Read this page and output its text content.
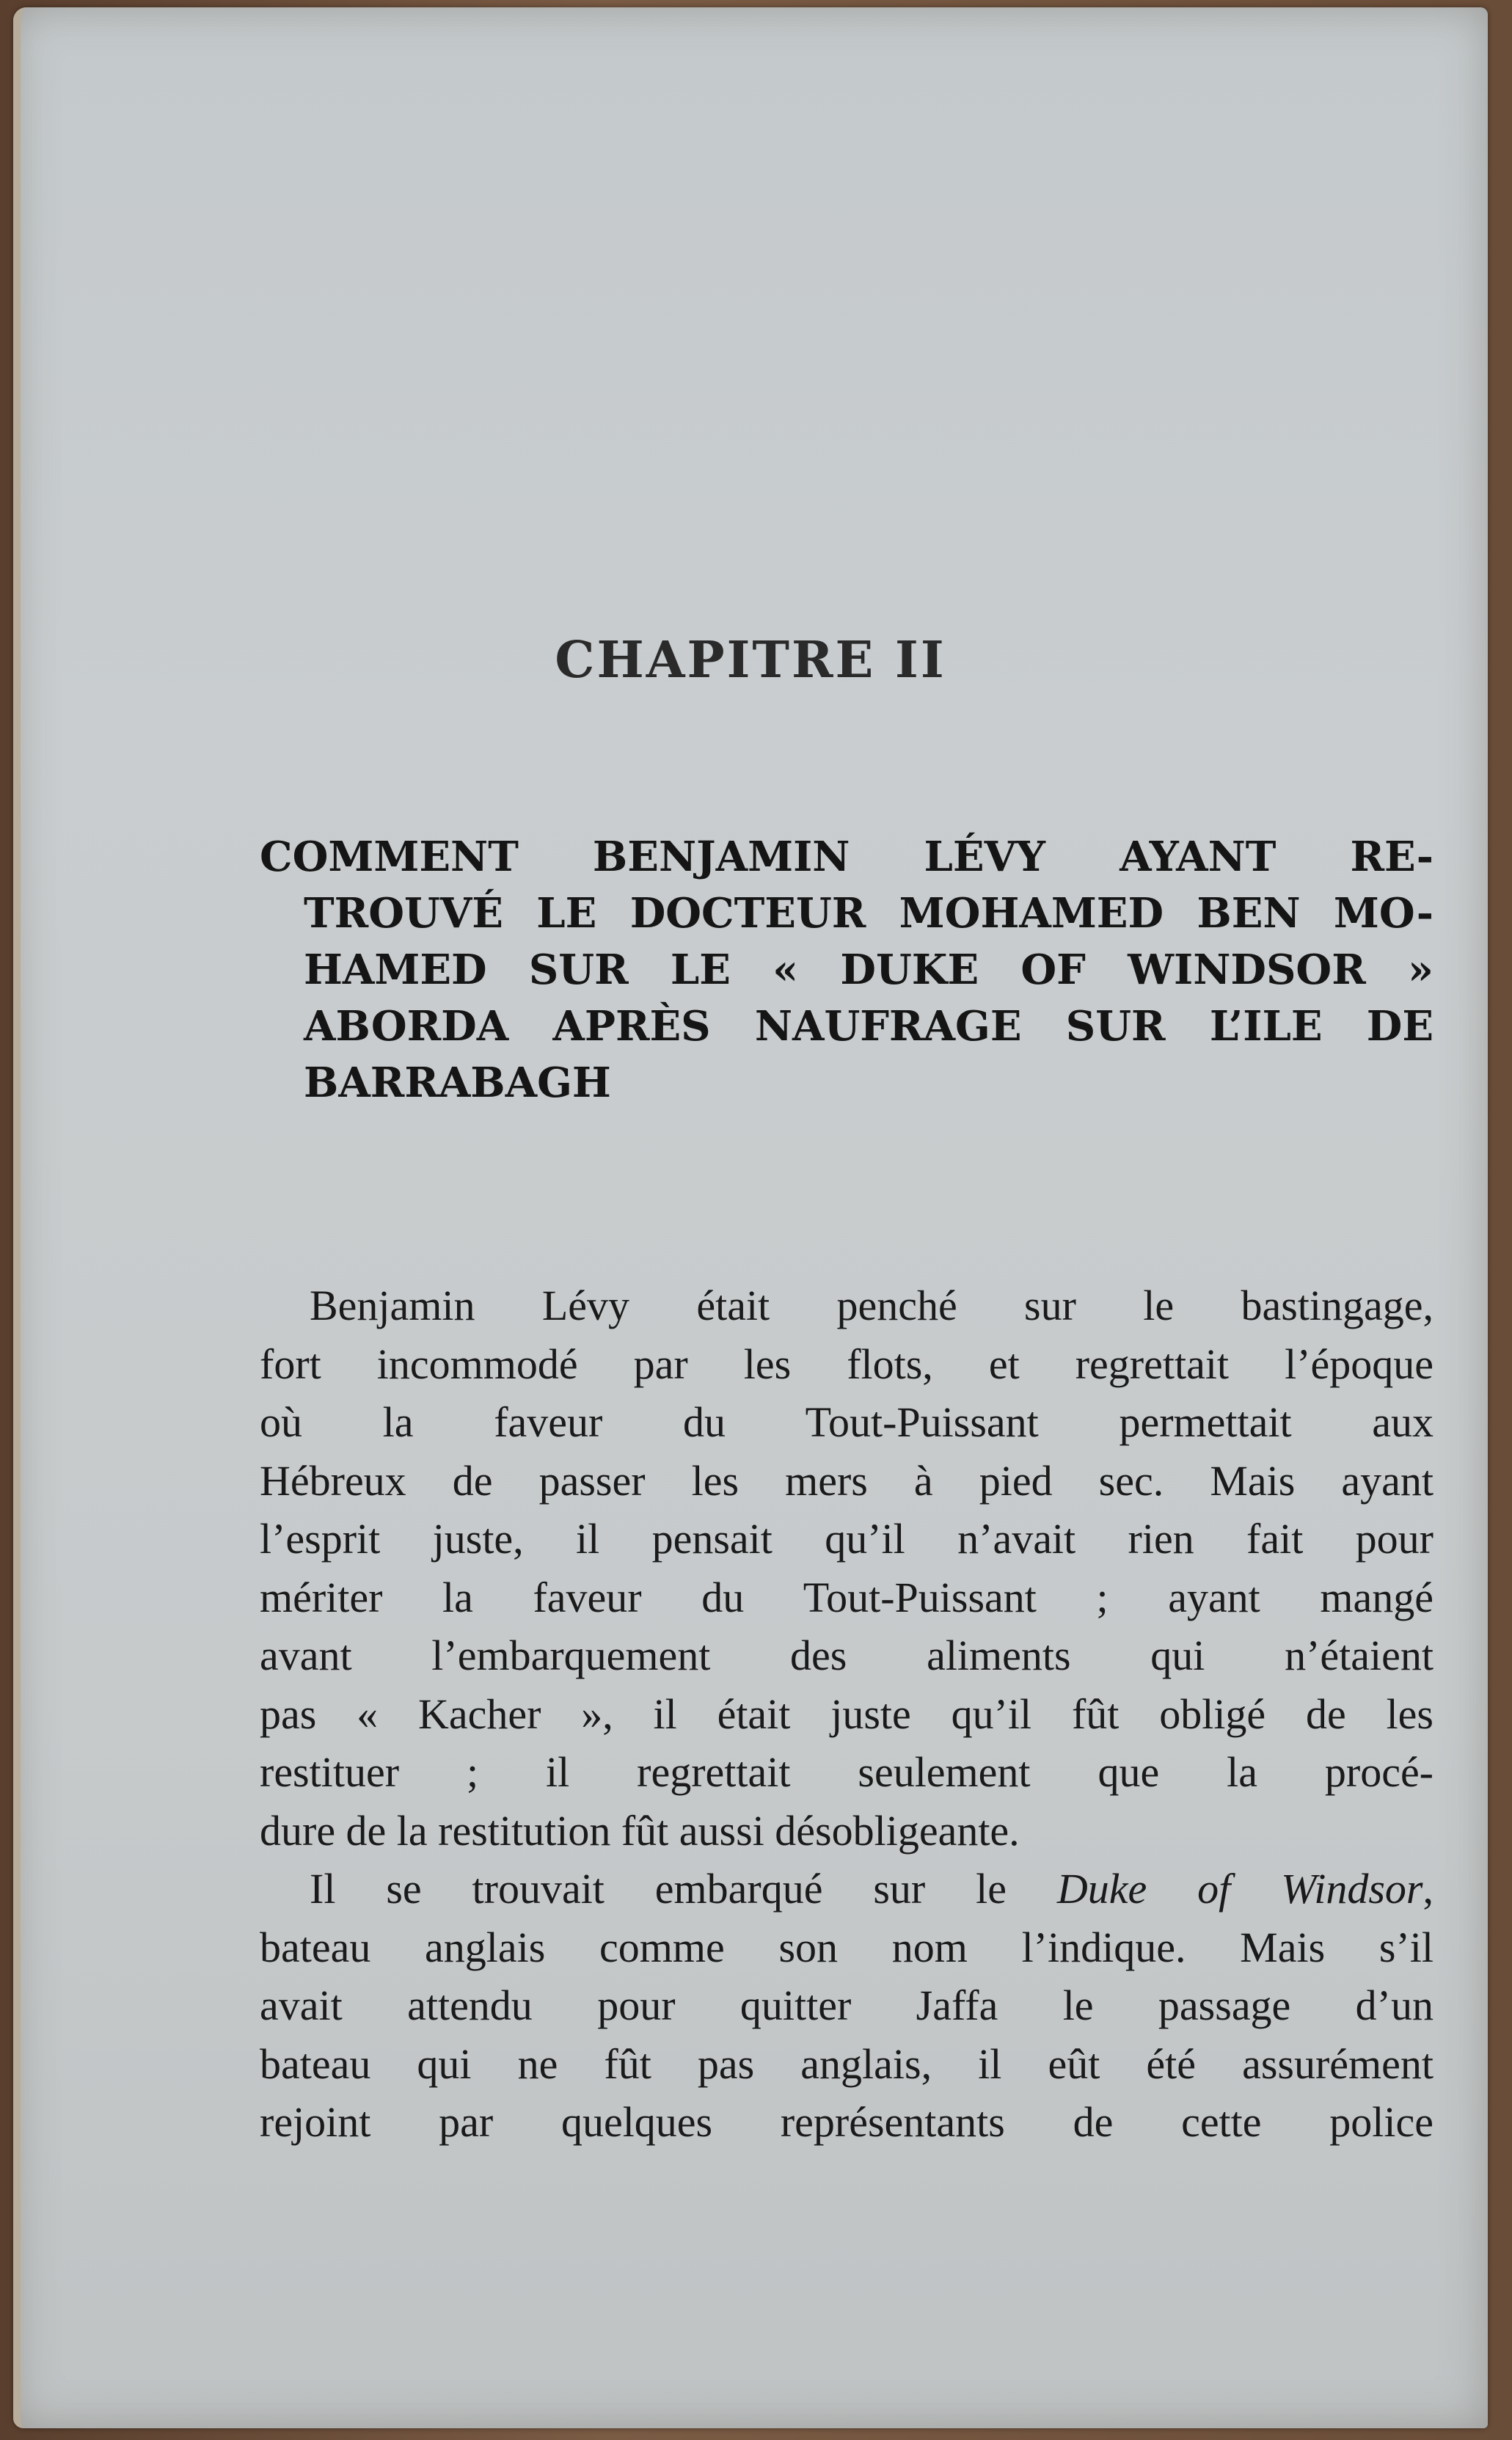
CHAPITRE II
COMMENT BENJAMIN LÉVY AYANT RE-
TROUVÉ LE DOCTEUR MOHAMED BEN MO-
HAMED SUR LE « DUKE OF WINDSOR »
ABORDA APRÈS NAUFRAGE SUR L’ILE DE
BARRABAGH
Benjamin Lévy était penché sur le bastingage,
fort incommodé par les flots, et regrettait l’époque
où la faveur du Tout-Puissant permettait aux
Hébreux de passer les mers à pied sec. Mais ayant
l’esprit juste, il pensait qu’il n’avait rien fait pour
mériter la faveur du Tout-Puissant ; ayant mangé
avant l’embarquement des aliments qui n’étaient
pas « Kacher », il était juste qu’il fût obligé de les
restituer ; il regrettait seulement que la procé-
dure de la restitution fût aussi désobligeante.
Il se trouvait embarqué sur le Duke of Windsor,
bateau anglais comme son nom l’indique. Mais s’il
avait attendu pour quitter Jaffa le passage d’un
bateau qui ne fût pas anglais, il eût été assurément
rejoint par quelques représentants de cette police
